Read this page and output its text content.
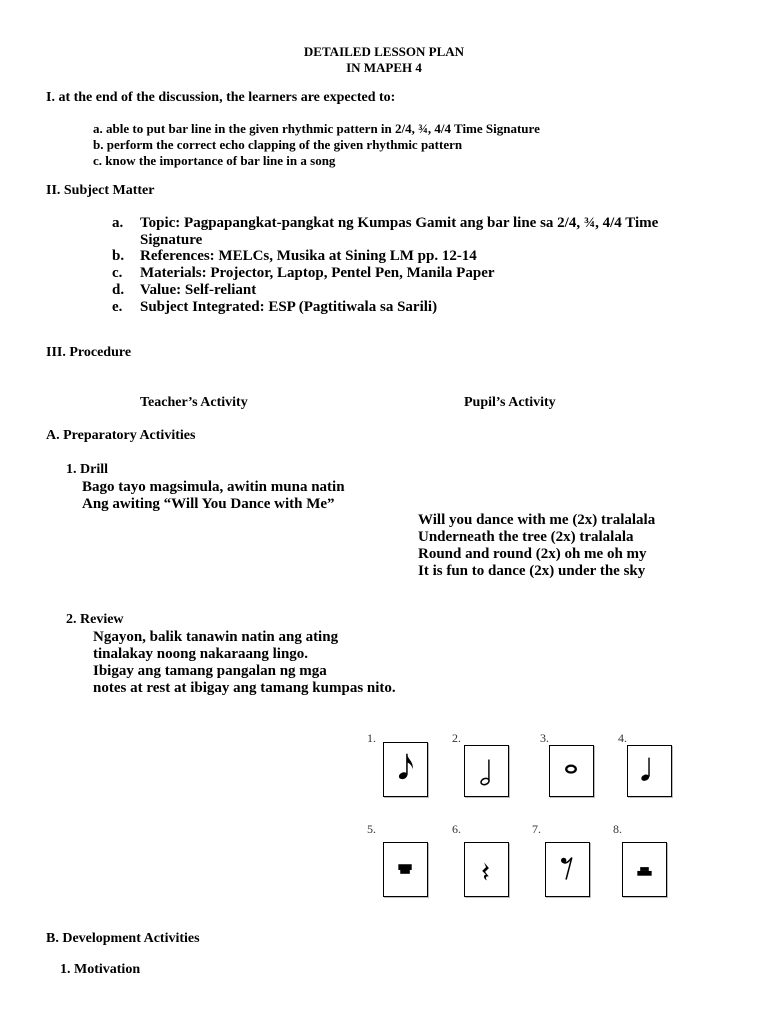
DETAILED LESSON PLAN
IN MAPEH 4
I. at the end of the discussion, the learners are expected to:
a. able to put bar line in the given rhythmic pattern in 2/4, ¾, 4/4 Time Signature
b. perform the correct echo clapping of the given rhythmic pattern
c. know the importance of bar line in a song
II. Subject Matter
a.	Topic: Pagpapangkat-pangkat ng Kumpas Gamit ang bar line sa 2/4, ¾, 4/4 Time Signature
b.	References: MELCs, Musika at Sining LM pp. 12-14
c.	Materials: Projector, Laptop, Pentel Pen, Manila Paper
d.	Value: Self-reliant
e.	Subject Integrated: ESP (Pagtitiwala sa Sarili)
III. Procedure
Teacher’s Activity	Pupil’s Activity
A. Preparatory Activities
1. Drill
Bago tayo magsimula, awitin muna natin
Ang awiting “Will You Dance with Me”
Will you dance with me (2x) tralalala
Underneath the tree (2x) tralalala
Round and round (2x) oh me oh my
It is fun to dance (2x) under the sky
2. Review
Ngayon, balik tanawin natin ang ating
tinalakay noong nakaraang lingo.
Ibigay ang tamang pangalan ng mga
notes at rest at ibigay ang tamang kumpas nito.
1.	2.	3.	4.
5.	6.	7.	8.
B. Development Activities
1. Motivation
